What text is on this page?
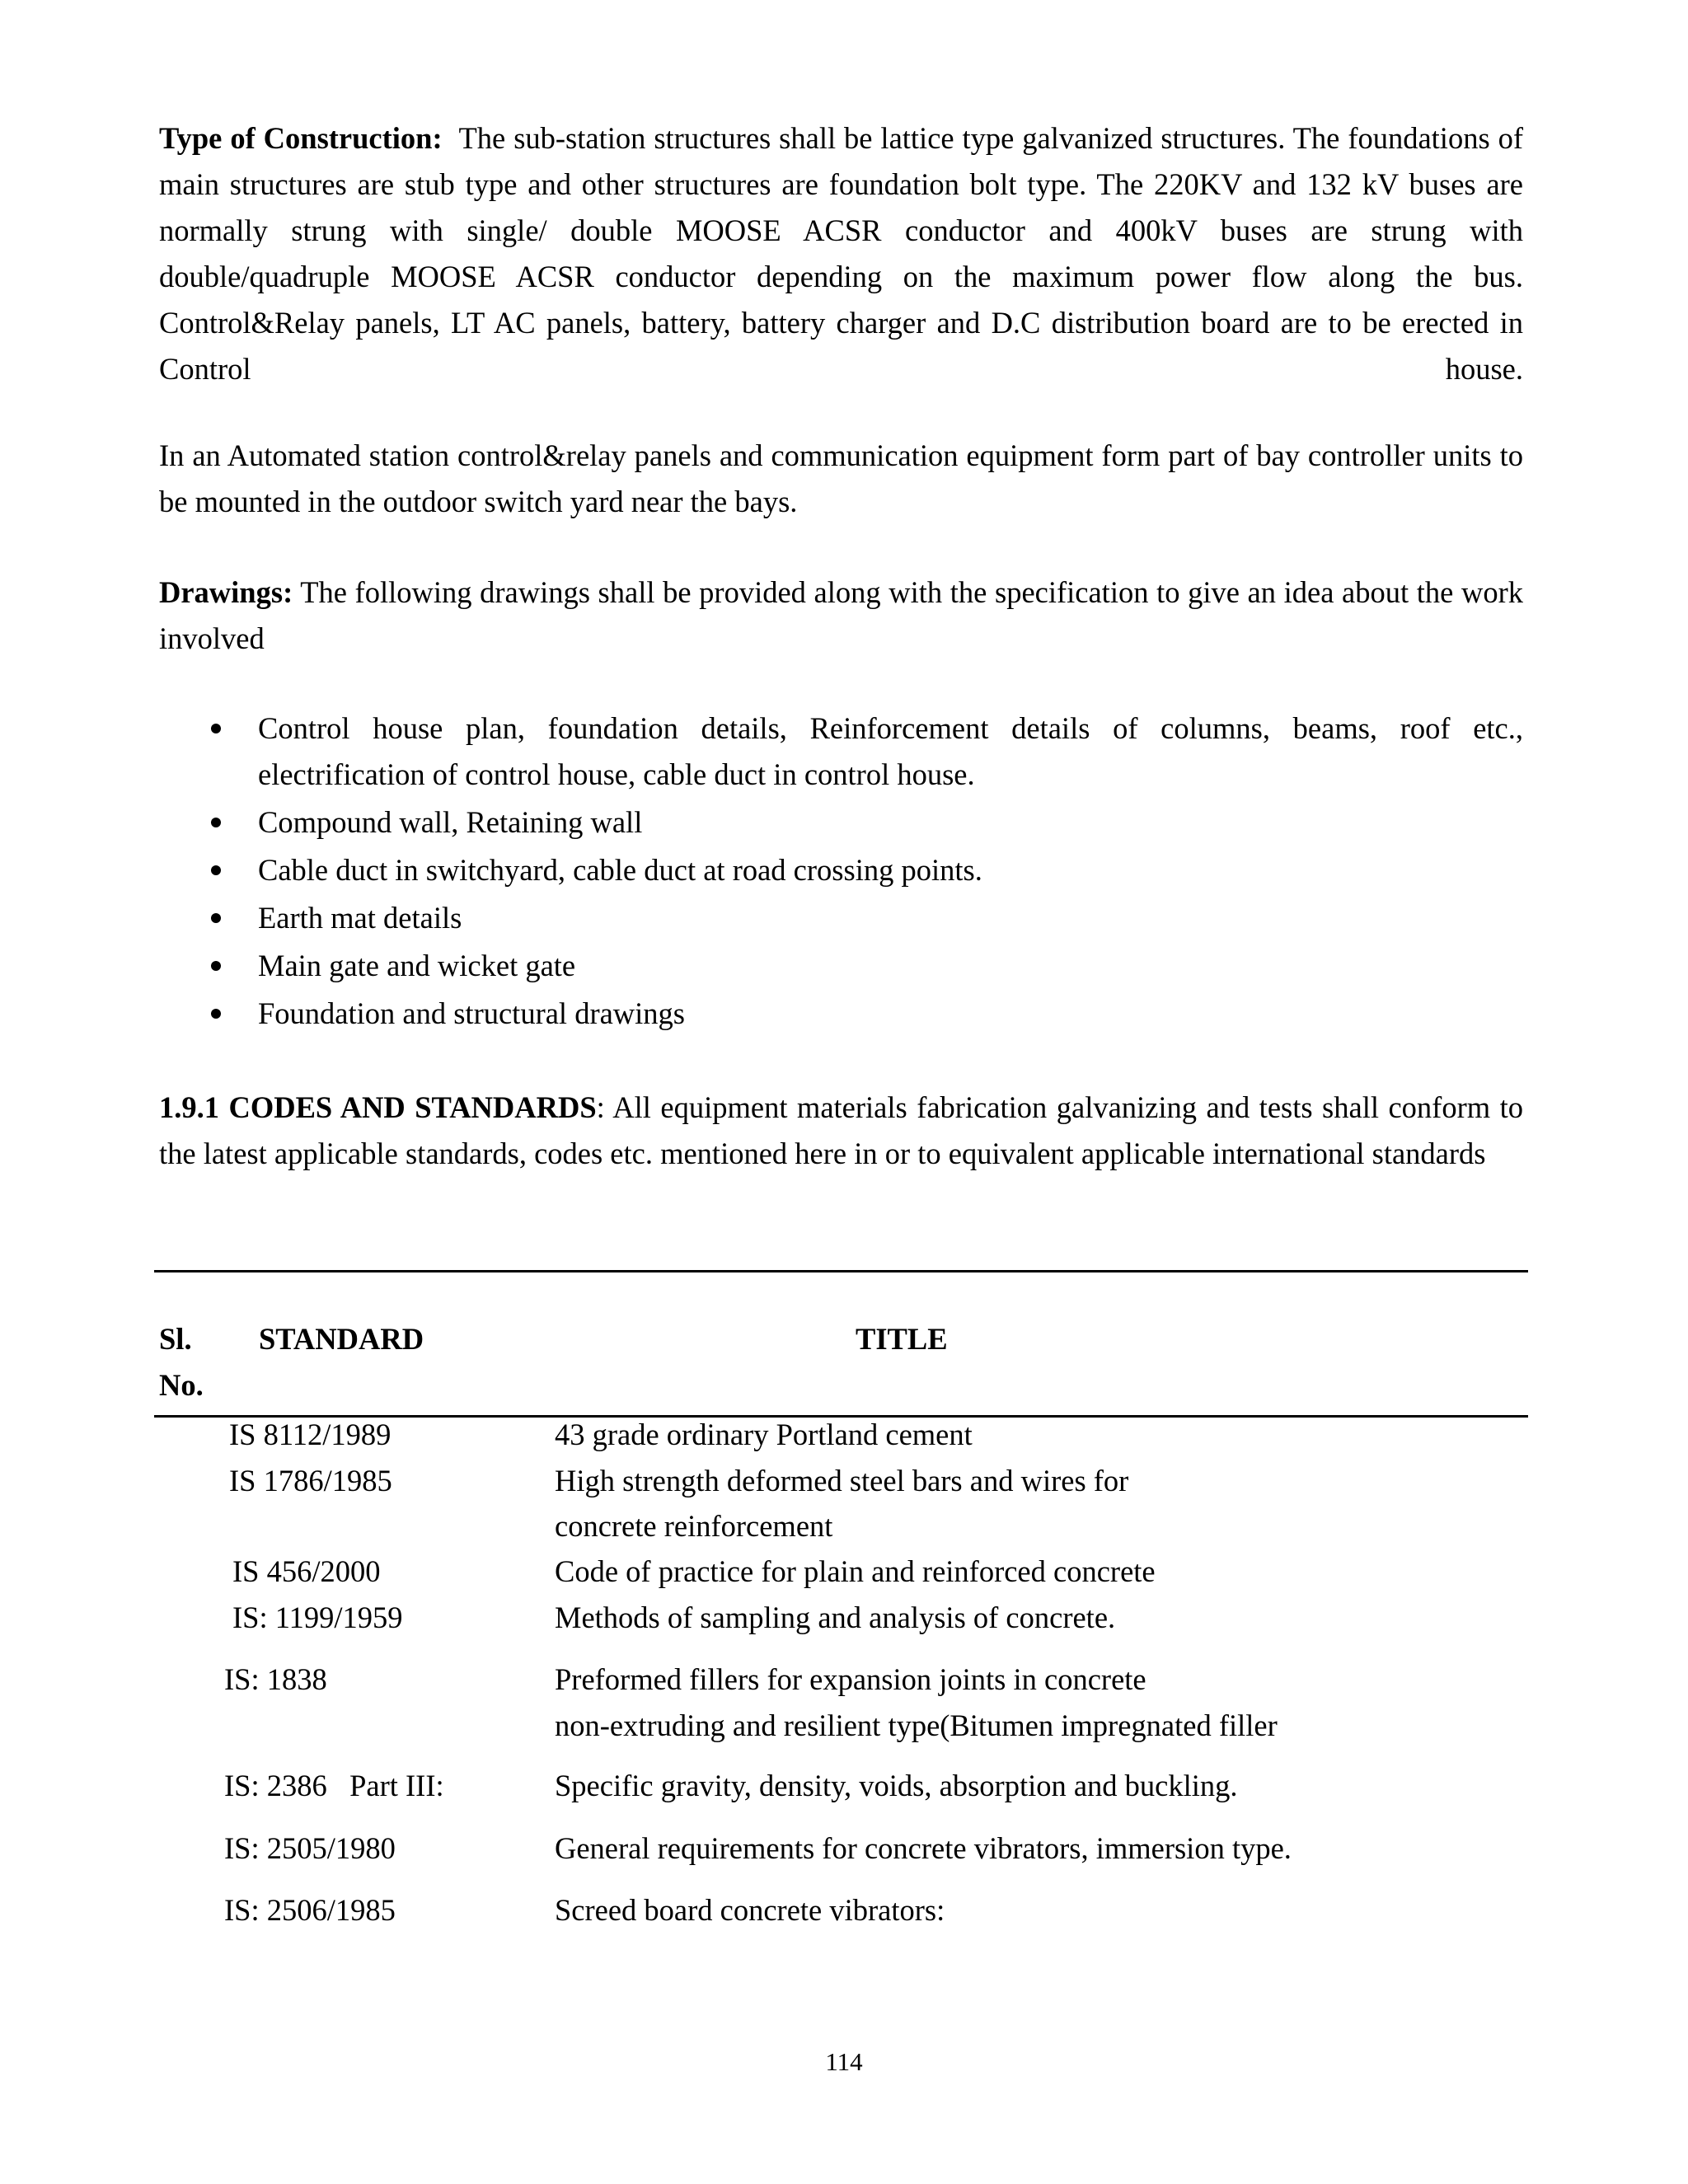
Type of Construction: The sub-station structures shall be lattice type galvanized structures. The foundations of main structures are stub type and other structures are foundation bolt type. The 220KV and 132 kV buses are normally strung with single/ double MOOSE ACSR conductor and 400kV buses are strung with double/quadruple MOOSE ACSR conductor depending on the maximum power flow along the bus. Control&Relay panels, LT AC panels, battery, battery charger and D.C distribution board are to be erected in Control house.

In an Automated station control&relay panels and communication equipment form part of bay controller units to be mounted in the outdoor switch yard near the bays.

Drawings: The following drawings shall be provided along with the specification to give an idea about the work involved

Control house plan, foundation details, Reinforcement details of columns, beams, roof etc., electrification of control house, cable duct in control house.
Compound wall, Retaining wall
Cable duct in switchyard, cable duct at road crossing points.
Earth mat details
Main gate and wicket gate
Foundation and structural drawings

1.9.1 CODES AND STANDARDS: All equipment materials fabrication galvanizing and tests shall conform to the latest applicable standards, codes etc. mentioned here in or to equivalent applicable international standards

Sl.
No.
STANDARD	TITLE
IS 8112/1989	43 grade ordinary Portland cement
IS 1786/1985	High strength deformed steel bars and wires for
concrete reinforcement
IS 456/2000	Code of practice for plain and reinforced concrete
IS: 1199/1959	Methods of sampling and analysis of concrete.
IS: 1838	Preformed fillers for expansion joints in concrete
non-extruding and resilient type(Bitumen impregnated filler
IS: 2386   Part III:	Specific gravity, density, voids, absorption and buckling.
IS: 2505/1980	General requirements for concrete vibrators, immersion type.
IS: 2506/1985	Screed board concrete vibrators:
114
